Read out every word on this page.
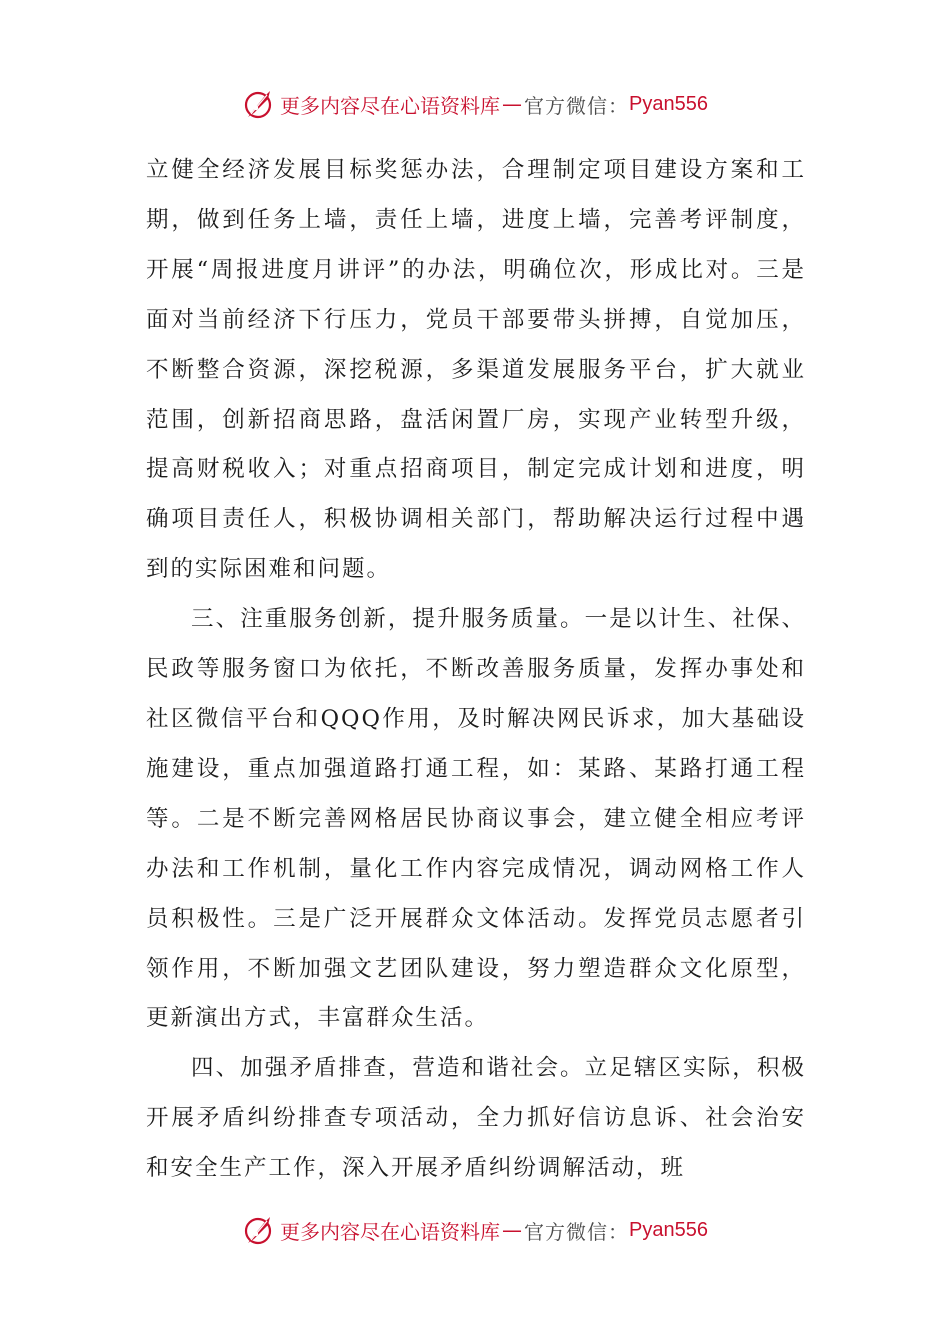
更多内容尽在心语资料库 — 官方微信： Pyan556

立健全经济发展目标奖惩办法，合理制定项目建设方案和工期，做到任务上墙，责任上墙，进度上墙，完善考评制度，开展“周报进度月讲评”的办法，明确位次，形成比对。三是面对当前经济下行压力，党员干部要带头拼搏，自觉加压，不断整合资源，深挖税源，多渠道发展服务平台，扩大就业范围，创新招商思路，盘活闲置厂房，实现产业转型升级，提高财税收入；对重点招商项目，制定完成计划和进度，明确项目责任人，积极协调相关部门，帮助解决运行过程中遇到的实际困难和问题。

三、注重服务创新，提升服务质量。一是以计生、社保、民政等服务窗口为依托，不断改善服务质量，发挥办事处和社区微信平台和QQQ作用，及时解决网民诉求，加大基础设施建设，重点加强道路打通工程，如：某路、某路打通工程等。二是不断完善网格居民协商议事会，建立健全相应考评办法和工作机制，量化工作内容完成情况，调动网格工作人员积极性。三是广泛开展群众文体活动。发挥党员志愿者引领作用，不断加强文艺团队建设，努力塑造群众文化原型，更新演出方式，丰富群众生活。

四、加强矛盾排查，营造和谐社会。立足辖区实际，积极开展矛盾纠纷排查专项活动，全力抓好信访息诉、社会治安和安全生产工作，深入开展矛盾纠纷调解活动，班

更多内容尽在心语资料库 — 官方微信： Pyan556
